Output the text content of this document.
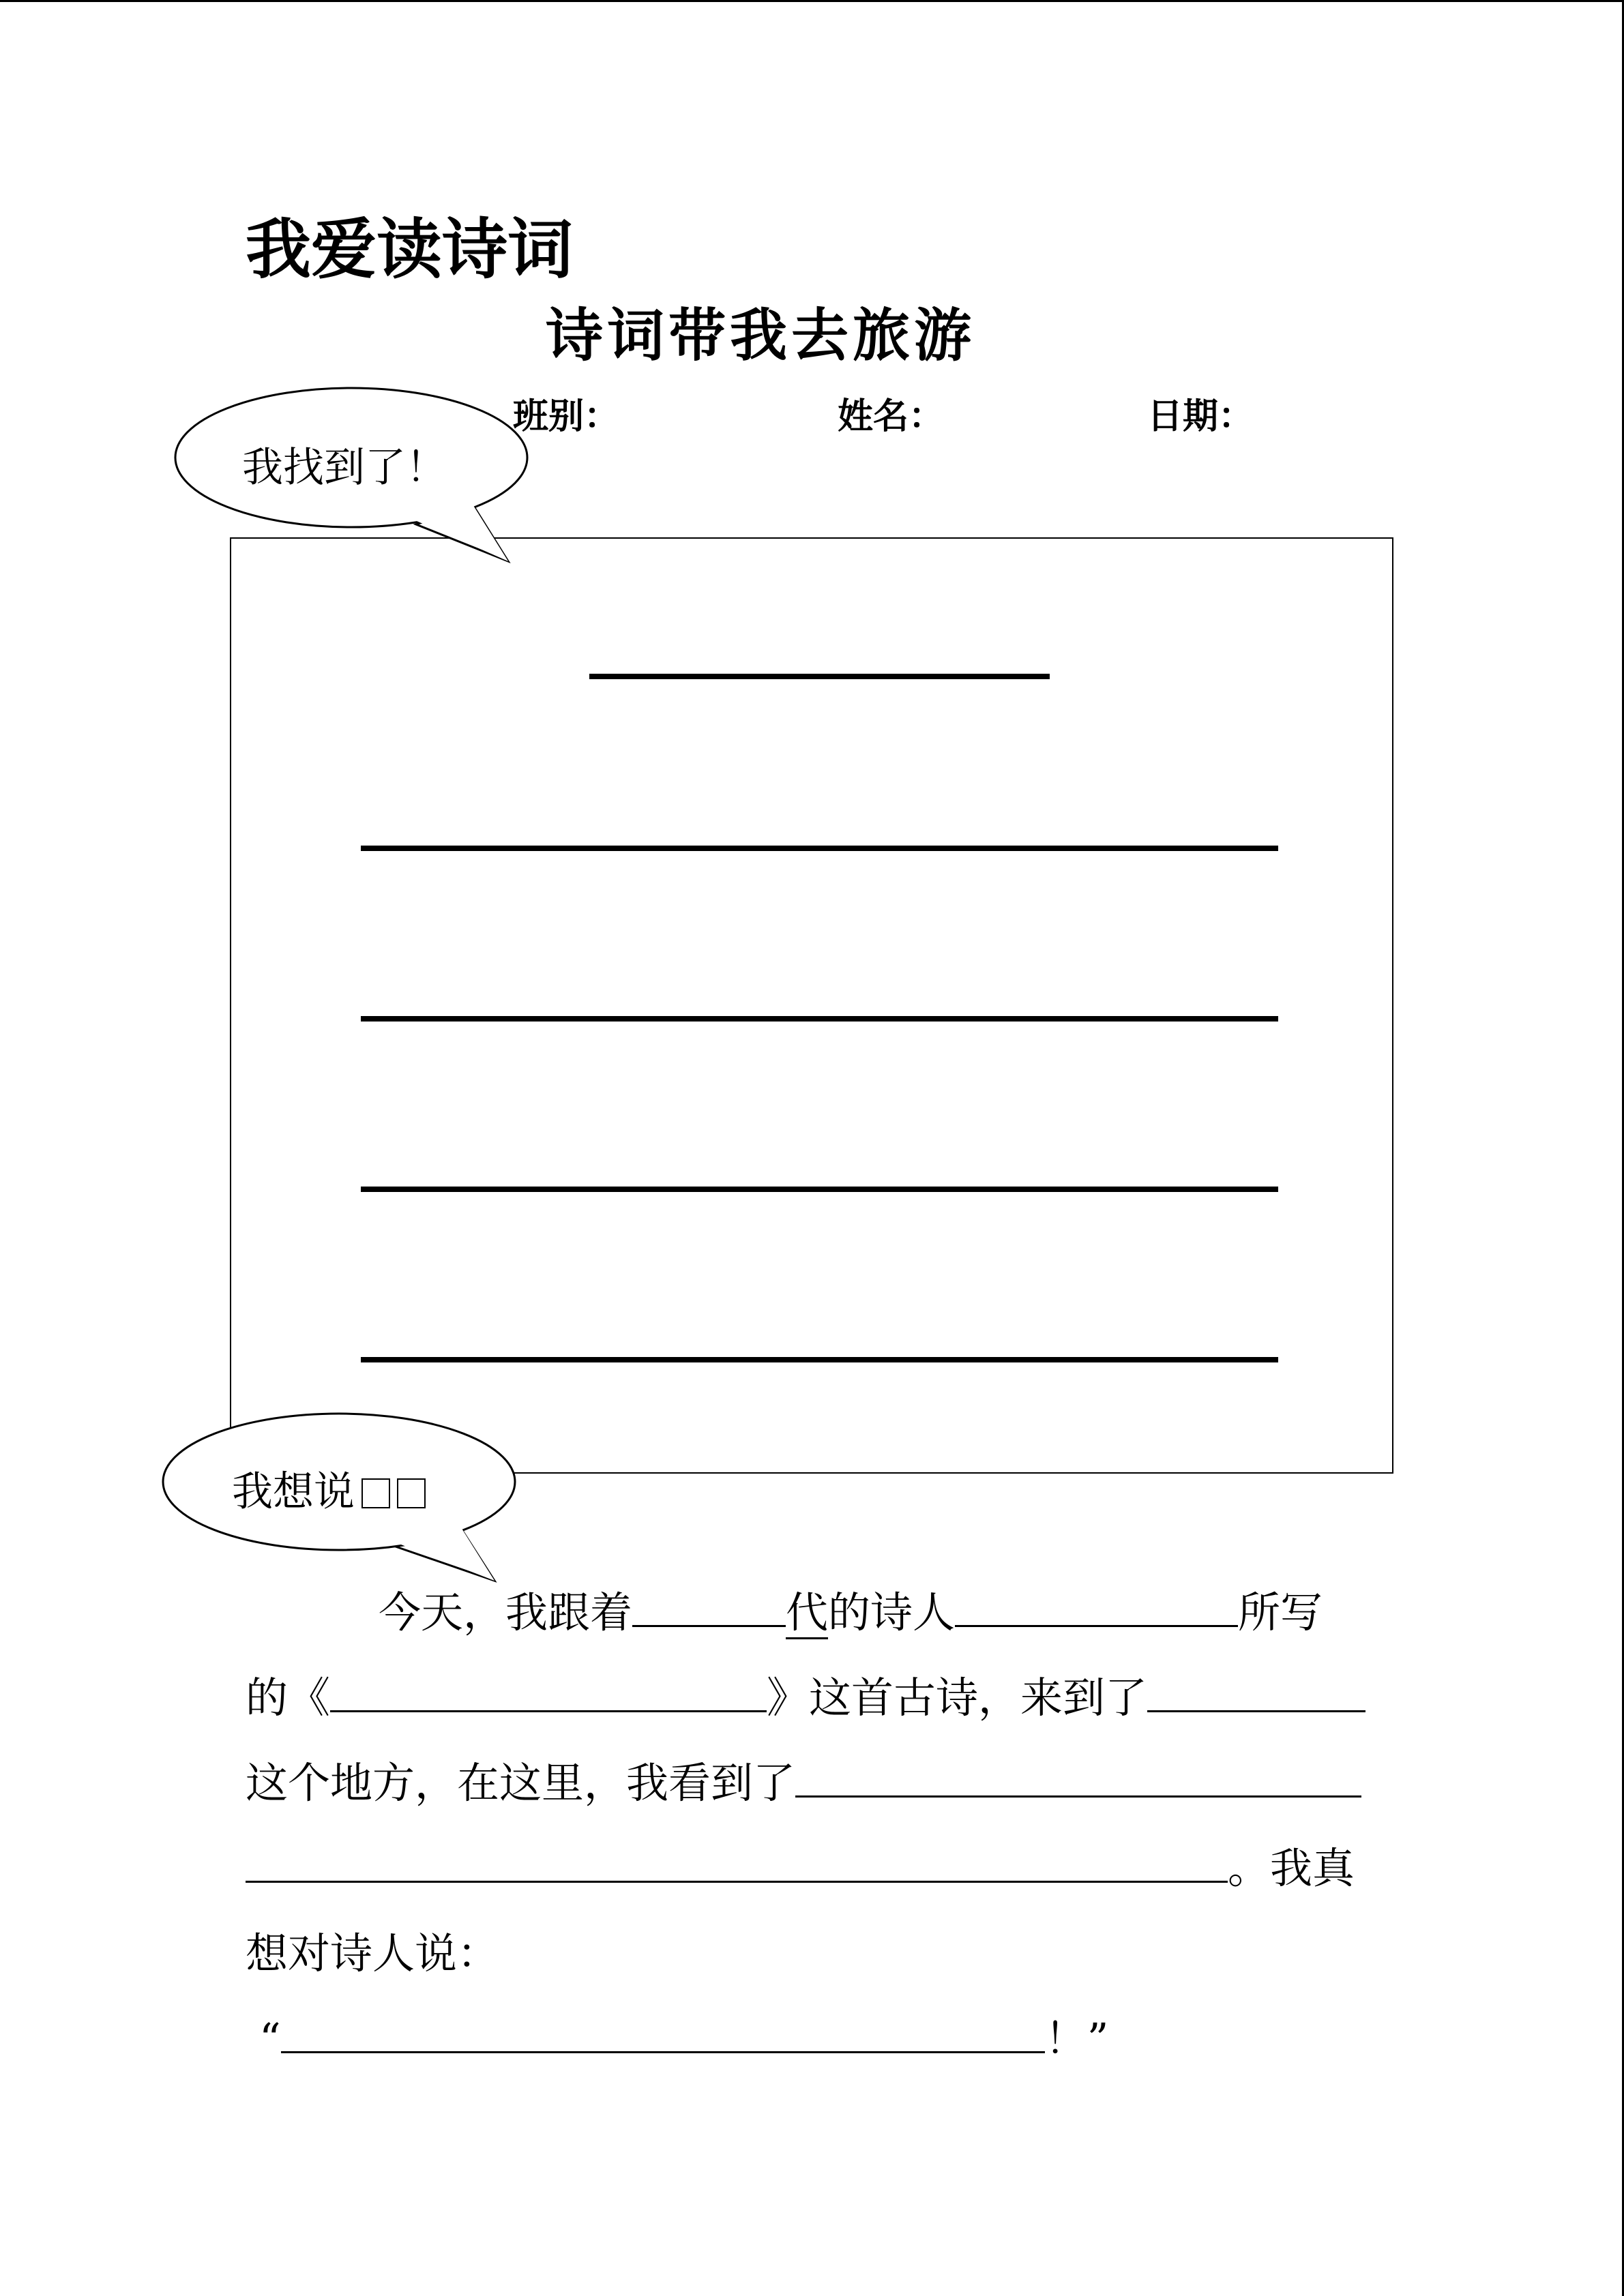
我爱读诗词
诗词带我去旅游
班别：	姓名：	日期：
我找到了！
我想说
今天，我跟着	代的诗人	所写
的《	》这首古诗，来到了
这个地方，在这里，我看到了
。我真
想对诗人说：
“	！”
